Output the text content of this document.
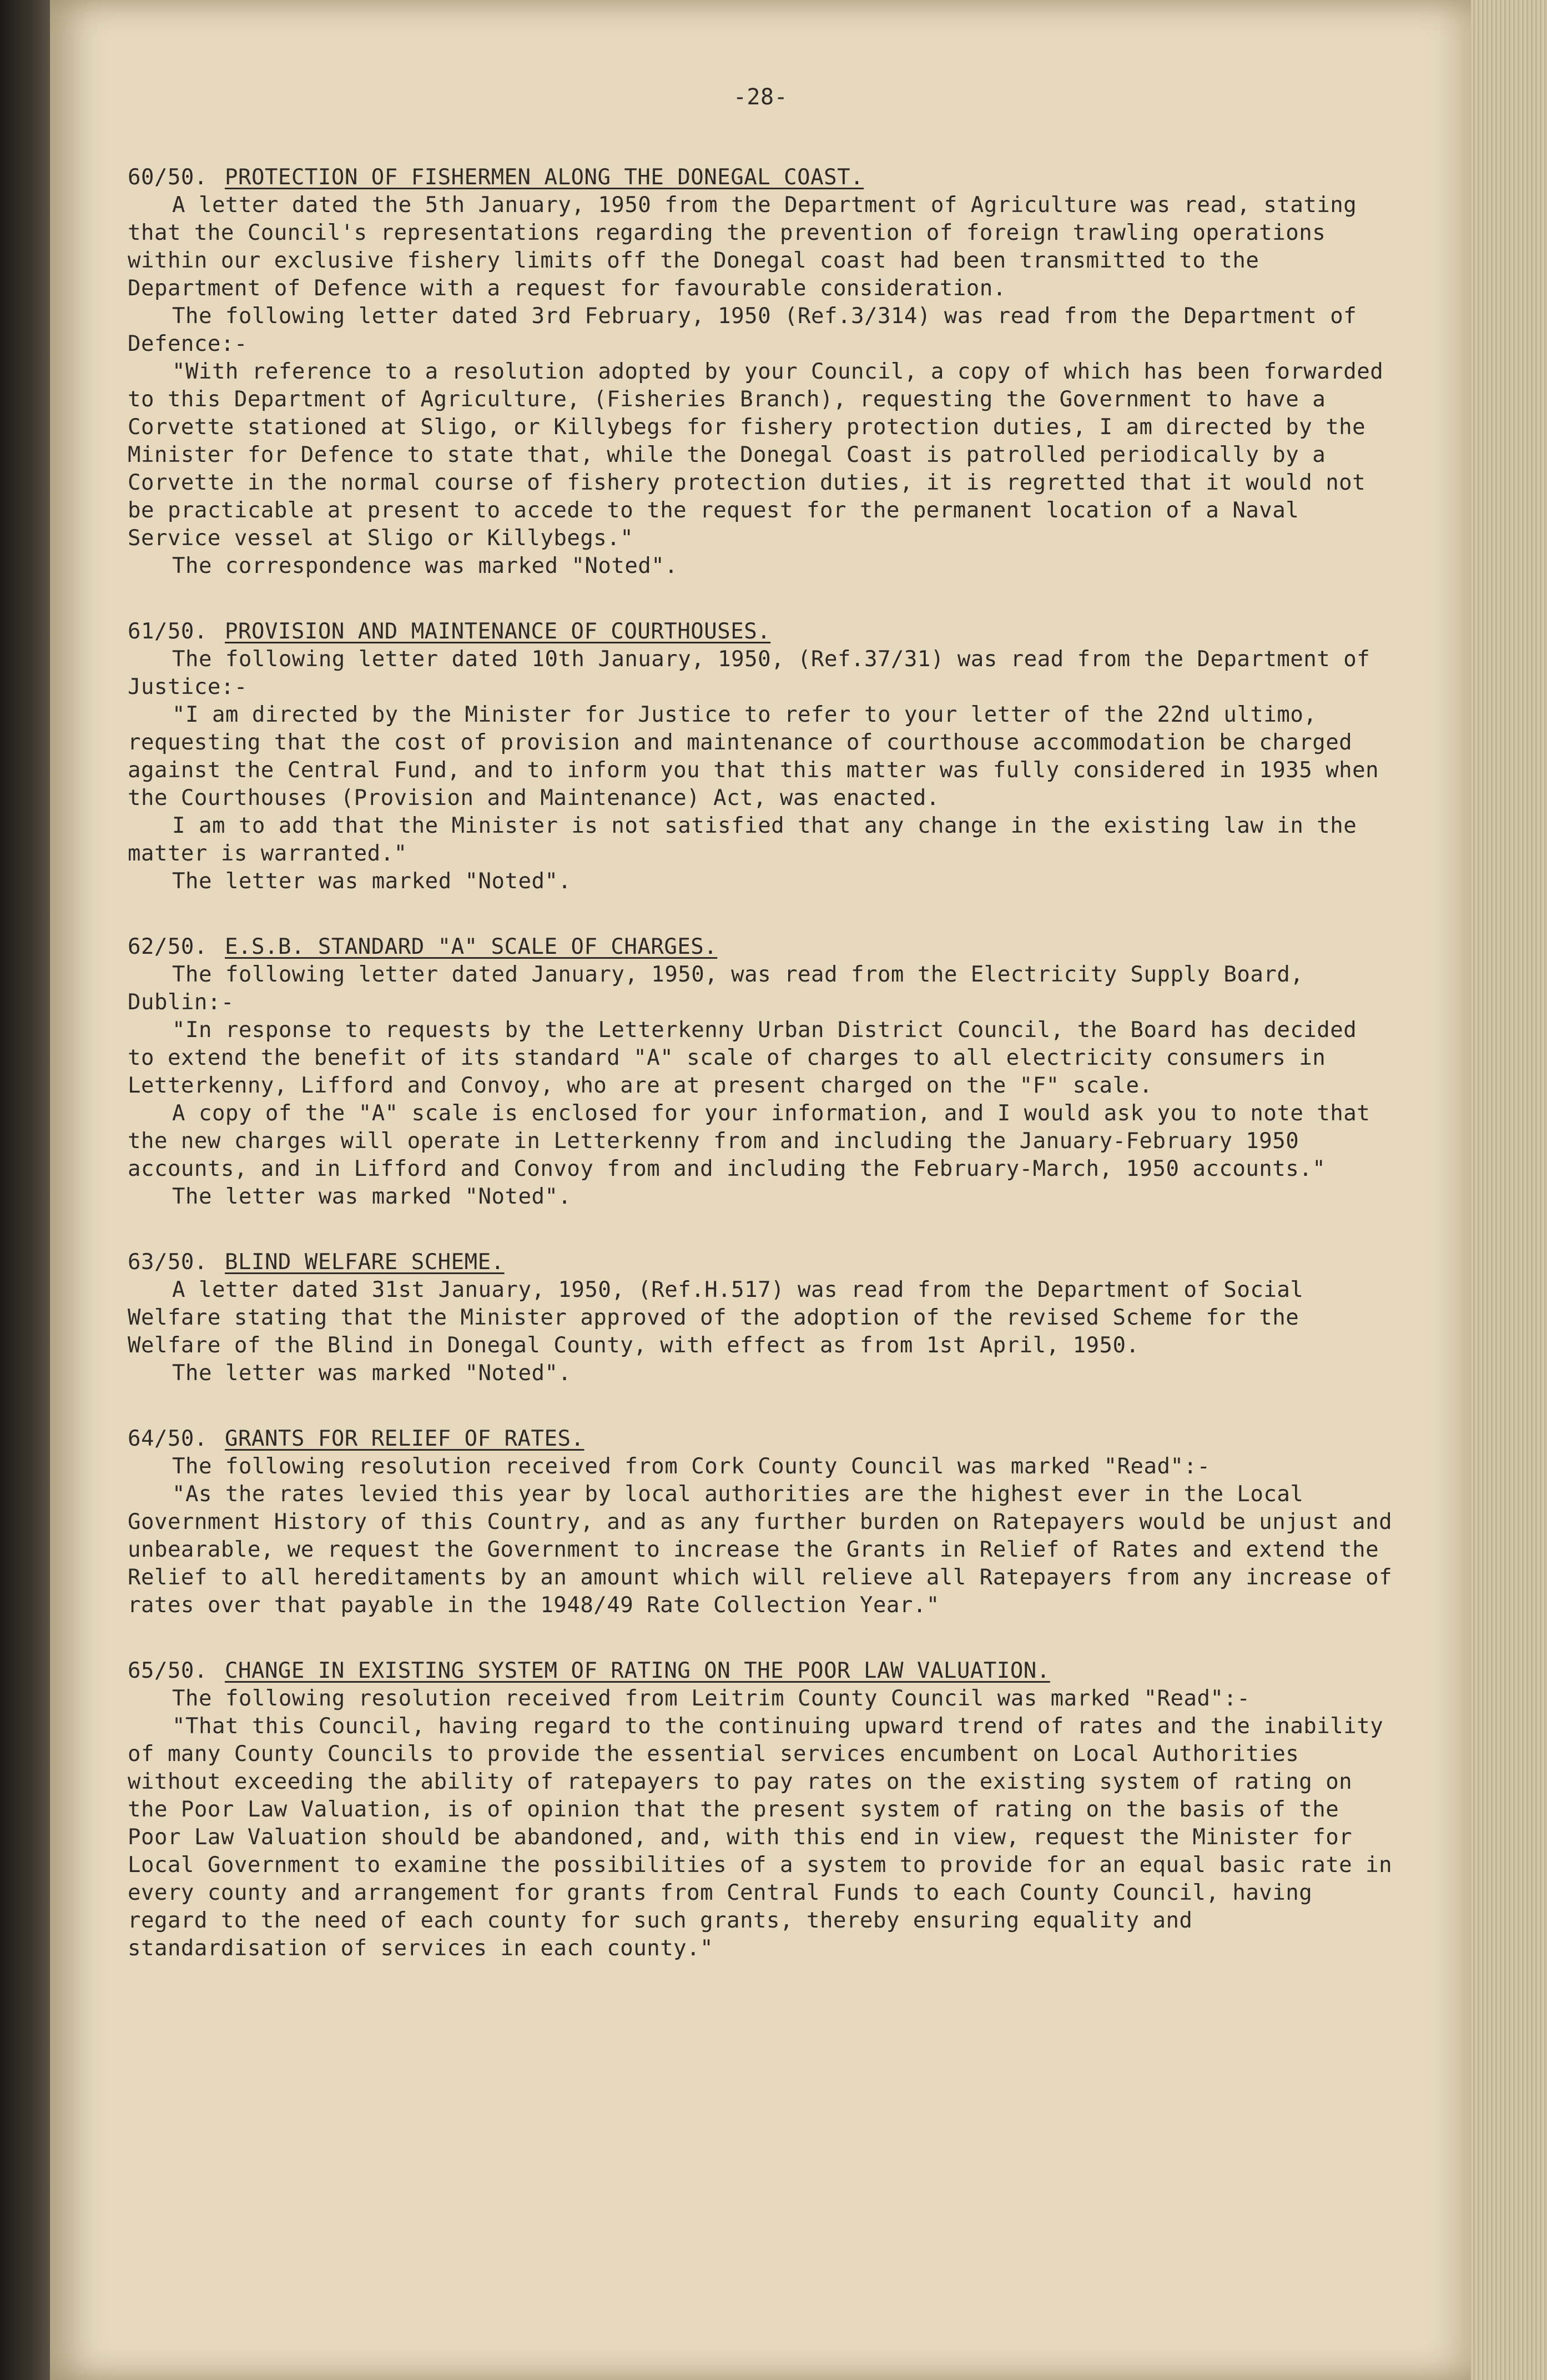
-28-
60/50. PROTECTION OF FISHERMEN ALONG THE DONEGAL COAST.

A letter dated the 5th January, 1950 from the Department of Agriculture was read, stating that the Council's representations regarding the prevention of foreign trawling operations within our exclusive fishery limits off the Donegal coast had been transmitted to the Department of Defence with a request for favourable consideration.

The following letter dated 3rd February, 1950 (Ref.3/314) was read from the Department of Defence:-

"With reference to a resolution adopted by your Council, a copy of which has been forwarded to this Department of Agriculture, (Fisheries Branch), requesting the Government to have a Corvette stationed at Sligo, or Killybegs for fishery protection duties, I am directed by the Minister for Defence to state that, while the Donegal Coast is patrolled periodically by a Corvette in the normal course of fishery protection duties, it is regretted that it would not be practicable at present to accede to the request for the permanent location of a Naval Service vessel at Sligo or Killybegs."

The correspondence was marked "Noted".

61/50. PROVISION AND MAINTENANCE OF COURTHOUSES.

The following letter dated 10th January, 1950, (Ref.37/31) was read from the Department of Justice:-

"I am directed by the Minister for Justice to refer to your letter of the 22nd ultimo, requesting that the cost of provision and maintenance of courthouse accommodation be charged against the Central Fund, and to inform you that this matter was fully considered in 1935 when the Courthouses (Provision and Maintenance) Act, was enacted.

I am to add that the Minister is not satisfied that any change in the existing law in the matter is warranted."

The letter was marked "Noted".

62/50. E.S.B. STANDARD "A" SCALE OF CHARGES.

The following letter dated January, 1950, was read from the Electricity Supply Board, Dublin:-

"In response to requests by the Letterkenny Urban District Council, the Board has decided to extend the benefit of its standard "A" scale of charges to all electricity consumers in Letterkenny, Lifford and Convoy, who are at present charged on the "F" scale.

A copy of the "A" scale is enclosed for your information, and I would ask you to note that the new charges will operate in Letterkenny from and including the January-February 1950 accounts, and in Lifford and Convoy from and including the February-March, 1950 accounts."

The letter was marked "Noted".

63/50. BLIND WELFARE SCHEME.

A letter dated 31st January, 1950, (Ref.H.517) was read from the Department of Social Welfare stating that the Minister approved of the adoption of the revised Scheme for the Welfare of the Blind in Donegal County, with effect as from 1st April, 1950.

The letter was marked "Noted".

64/50. GRANTS FOR RELIEF OF RATES.

The following resolution received from Cork County Council was marked "Read":-

"As the rates levied this year by local authorities are the highest ever in the Local Government History of this Country, and as any further burden on Ratepayers would be unjust and unbearable, we request the Government to increase the Grants in Relief of Rates and extend the Relief to all hereditaments by an amount which will relieve all Ratepayers from any increase of rates over that payable in the 1948/49 Rate Collection Year."

65/50. CHANGE IN EXISTING SYSTEM OF RATING ON THE POOR LAW VALUATION.

The following resolution received from Leitrim County Council was marked "Read":-

"That this Council, having regard to the continuing upward trend of rates and the inability of many County Councils to provide the essential services encumbent on Local Authorities without exceeding the ability of ratepayers to pay rates on the existing system of rating on the Poor Law Valuation, is of opinion that the present system of rating on the basis of the Poor Law Valuation should be abandoned, and, with this end in view, request the Minister for Local Government to examine the possibilities of a system to provide for an equal basic rate in every county and arrangement for grants from Central Funds to each County Council, having regard to the need of each county for such grants, thereby ensuring equality and standardisation of services in each county."
